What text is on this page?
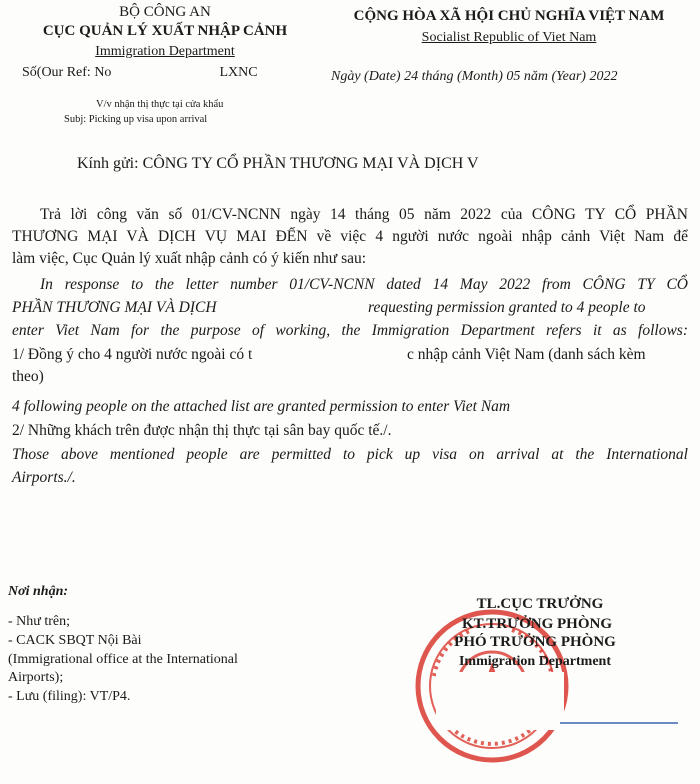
BỘ CÔNG AN
CỤC QUẢN LÝ XUẤT NHẬP CẢNH
Immigration Department
Số(Our Ref: No	LXNC
V/v nhận thị thực tại cửa khẩu
Subj: Picking up visa upon arrival
CỘNG HÒA XÃ HỘI CHỦ NGHĨA VIỆT NAM
Socialist Republic of Viet Nam
Ngày (Date) 24 tháng (Month) 05 năm (Year) 2022
Kính gửi: CÔNG TY CỔ PHẦN THƯƠNG MẠI VÀ DỊCH V
Trả lời công văn số 01/CV-NCNN ngày 14 tháng 05 năm 2022 của CÔNG TY CỔ PHẦN
THƯƠNG MẠI VÀ DỊCH VỤ MAI ĐẾN về việc 4 người nước ngoài nhập cảnh Việt Nam để
làm việc, Cục Quản lý xuất nhập cảnh có ý kiến như sau:
In response to the letter number 01/CV-NCNN dated 14 May 2022 from CÔNG TY CỔ
PHẦN THƯƠNG MẠI VÀ DỊCH	requesting permission granted to 4 people to
enter Viet Nam for the purpose of working, the Immigration Department refers it as follows:
1/ Đồng ý cho 4 người nước ngoài có t	c nhập cảnh Việt Nam (danh sách kèm
theo)
4 following people on the attached list are granted permission to enter Viet Nam
2/ Những khách trên được nhận thị thực tại sân bay quốc tế./.
Those above mentioned people are permitted to pick up visa on arrival at the International
Airports./.
Nơi nhận:
- Như trên;
- CACK SBQT Nội Bài
(Immigrational office at the International
Airports);
- Lưu (filing): VT/P4.
TL.CỤC TRƯỞNG
KT.TRƯỞNG PHÒNG
PHÓ TRƯỞNG PHÒNG
Immigration Department
